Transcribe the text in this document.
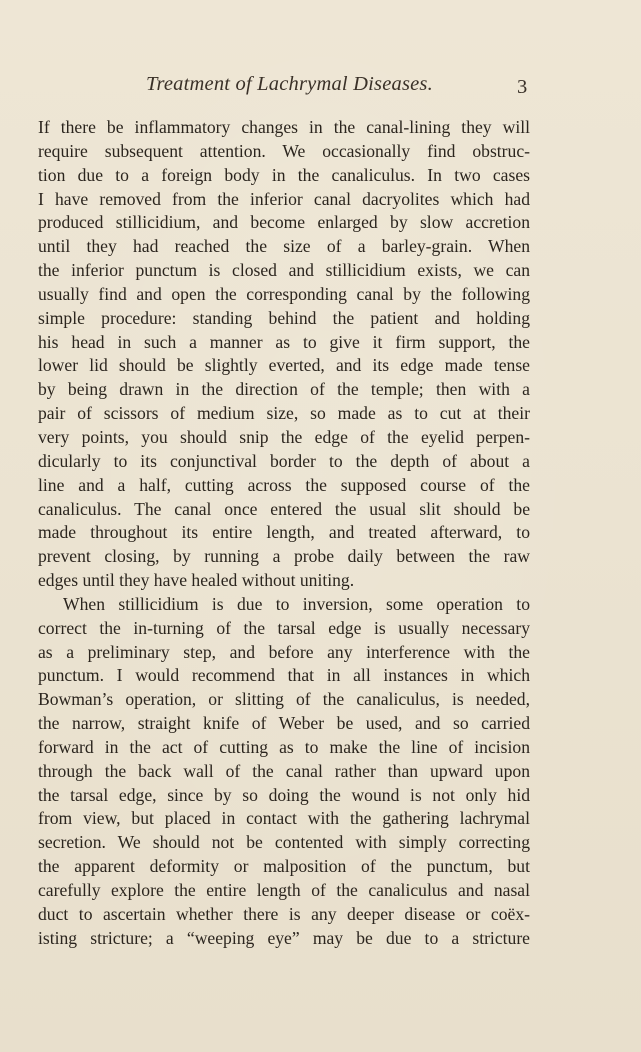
Treatment of Lachrymal Diseases.	3
If there be inflammatory changes in the canal-lining they will
require subsequent attention. We occasionally find obstruc-
tion due to a foreign body in the canaliculus. In two cases
I have removed from the inferior canal dacryolites which had
produced stillicidium, and become enlarged by slow accretion
until they had reached the size of a barley-grain. When
the inferior punctum is closed and stillicidium exists, we can
usually find and open the corresponding canal by the following
simple procedure: standing behind the patient and holding
his head in such a manner as to give it firm support, the
lower lid should be slightly everted, and its edge made tense
by being drawn in the direction of the temple; then with a
pair of scissors of medium size, so made as to cut at their
very points, you should snip the edge of the eyelid perpen-
dicularly to its conjunctival border to the depth of about a
line and a half, cutting across the supposed course of the
canaliculus. The canal once entered the usual slit should be
made throughout its entire length, and treated afterward, to
prevent closing, by running a probe daily between the raw
edges until they have healed without uniting.
When stillicidium is due to inversion, some operation to
correct the in-turning of the tarsal edge is usually necessary
as a preliminary step, and before any interference with the
punctum. I would recommend that in all instances in which
Bowman’s operation, or slitting of the canaliculus, is needed,
the narrow, straight knife of Weber be used, and so carried
forward in the act of cutting as to make the line of incision
through the back wall of the canal rather than upward upon
the tarsal edge, since by so doing the wound is not only hid
from view, but placed in contact with the gathering lachrymal
secretion. We should not be contented with simply correcting
the apparent deformity or malposition of the punctum, but
carefully explore the entire length of the canaliculus and nasal
duct to ascertain whether there is any deeper disease or coëx-
isting stricture; a “weeping eye” may be due to a stricture
